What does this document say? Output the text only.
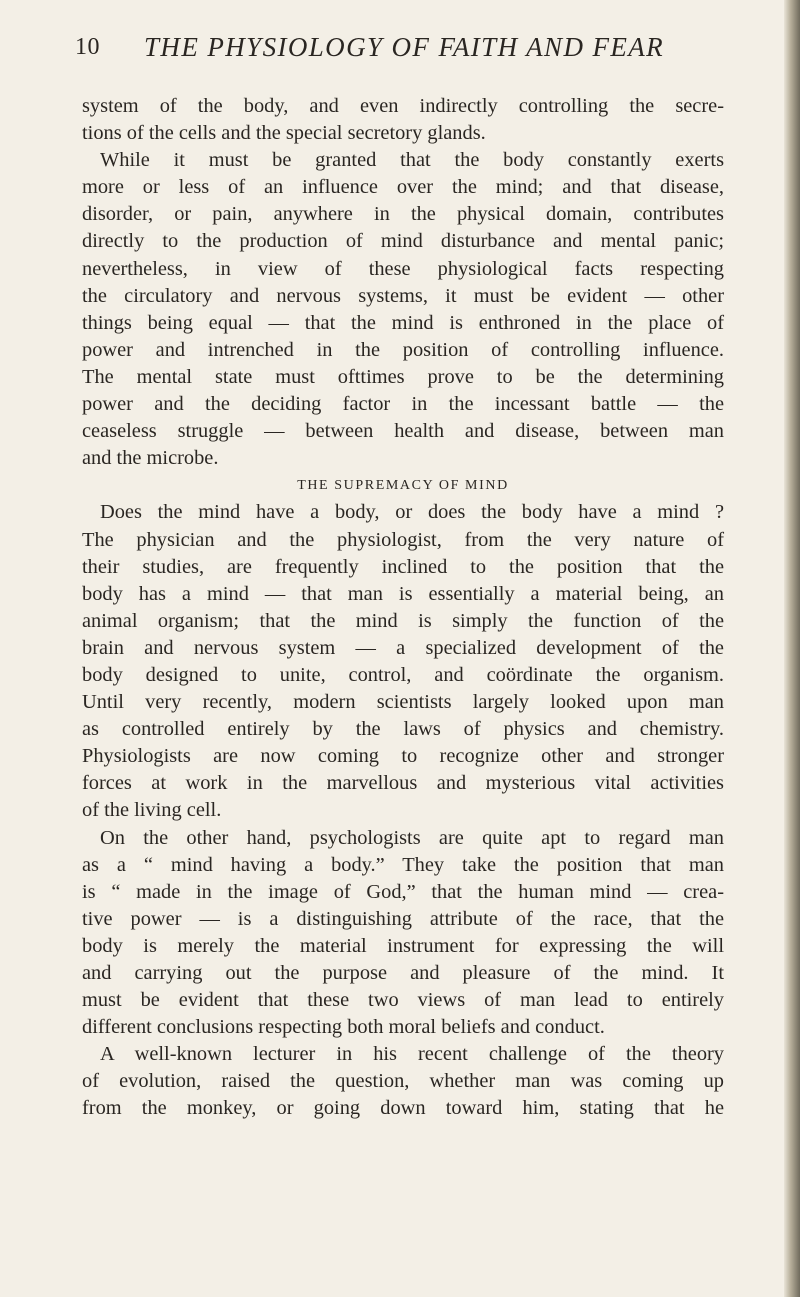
10 THE PHYSIOLOGY OF FAITH AND FEAR
system of the body, and even indirectly controlling the secre-
tions of the cells and the special secretory glands.
While it must be granted that the body constantly exerts
more or less of an influence over the mind; and that disease,
disorder, or pain, anywhere in the physical domain, contributes
directly to the production of mind disturbance and mental panic;
nevertheless, in view of these physiological facts respecting
the circulatory and nervous systems, it must be evident — other
things being equal — that the mind is enthroned in the place of
power and intrenched in the position of controlling influence.
The mental state must ofttimes prove to be the determining
power and the deciding factor in the incessant battle — the
ceaseless struggle — between health and disease, between man
and the microbe.
THE SUPREMACY OF MIND
Does the mind have a body, or does the body have a mind ?
The physician and the physiologist, from the very nature of
their studies, are frequently inclined to the position that the
body has a mind — that man is essentially a material being, an
animal organism; that the mind is simply the function of the
brain and nervous system — a specialized development of the
body designed to unite, control, and coördinate the organism.
Until very recently, modern scientists largely looked upon man
as controlled entirely by the laws of physics and chemistry.
Physiologists are now coming to recognize other and stronger
forces at work in the marvellous and mysterious vital activities
of the living cell.
On the other hand, psychologists are quite apt to regard man
as a “ mind having a body.” They take the position that man
is “ made in the image of God,” that the human mind — crea-
tive power — is a distinguishing attribute of the race, that the
body is merely the material instrument for expressing the will
and carrying out the purpose and pleasure of the mind. It
must be evident that these two views of man lead to entirely
different conclusions respecting both moral beliefs and conduct.
A well-known lecturer in his recent challenge of the theory
of evolution, raised the question, whether man was coming up
from the monkey, or going down toward him, stating that he
